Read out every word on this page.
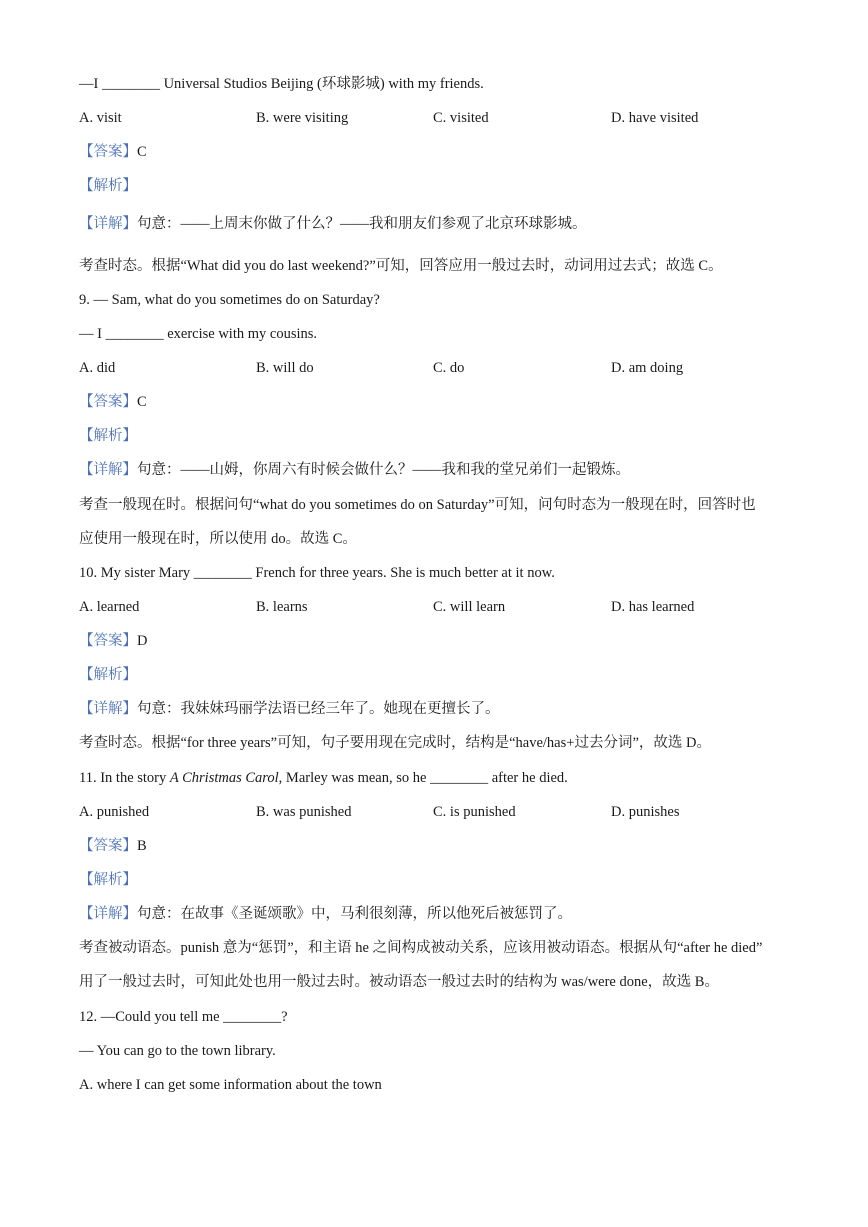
—I ________ Universal Studios Beijing (环球影城) with my friends.
A. visit	B. were visiting	C. visited	D. have visited
【答案】C
【解析】
【详解】句意：——上周末你做了什么？——我和朋友们参观了北京环球影城。
考查时态。根据“What did you do last weekend?”可知，回答应用一般过去时，动词用过去式；故选 C。
9. — Sam, what do you sometimes do on Saturday?
— I ________ exercise with my cousins.
A. did	B. will do	C. do	D. am doing
【答案】C
【解析】
【详解】句意：——山姆，你周六有时候会做什么？——我和我的堂兄弟们一起锻炼。
考查一般现在时。根据问句“what do you sometimes do on Saturday”可知，问句时态为一般现在时，回答时也
应使用一般现在时，所以使用 do。故选 C。
10. My sister Mary ________ French for three years. She is much better at it now.
A. learned	B. learns	C. will learn	D. has learned
【答案】D
【解析】
【详解】句意：我妹妹玛丽学法语已经三年了。她现在更擅长了。
考查时态。根据“for three years”可知，句子要用现在完成时，结构是“have/has+过去分词”，故选 D。
11. In the story A Christmas Carol, Marley was mean, so he ________ after he died.
A. punished	B. was punished	C. is punished	D. punishes
【答案】B
【解析】
【详解】句意：在故事《圣诞颂歌》中，马利很刻薄，所以他死后被惩罚了。
考查被动语态。punish 意为“惩罚”，和主语 he 之间构成被动关系，应该用被动语态。根据从句“after he died”
用了一般过去时，可知此处也用一般过去时。被动语态一般过去时的结构为 was/were done，故选 B。
12. —Could you tell me ________?
— You can go to the town library.
A. where I can get some information about the town
